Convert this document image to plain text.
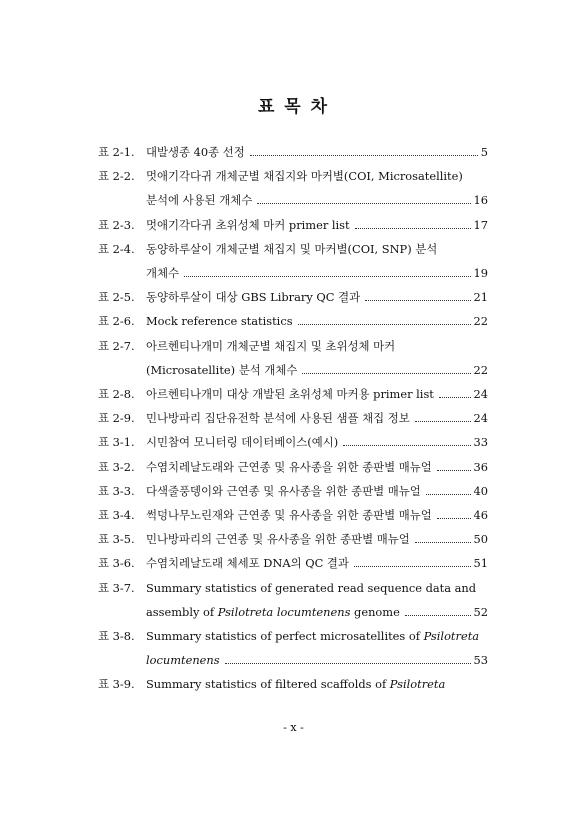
표 목 차
표 2-1.	대발생종 40종 선정	5
표 2-2.	멋애기각다귀 개체군별 채집지와 마커별(COI, Microsatellite)
분석에 사용된 개체수	16
표 2-3.	멋애기각다귀 초위성체 마커 primer list	17
표 2-4.	동양하루살이 개체군별 채집지 및 마커별(COI, SNP) 분석
개체수	19
표 2-5.	동양하루살이 대상 GBS Library QC 결과	21
표 2-6.	Mock reference statistics	22
표 2-7.	아르헨티나개미 개체군별 채집지 및 초위성체 마커
(Microsatellite) 분석 개체수	22
표 2-8.	아르헨티나개미 대상 개발된 초위성체 마커용 primer list	24
표 2-9.	민나방파리 집단유전학 분석에 사용된 샘플 채집 정보	24
표 3-1.	시민참여 모니터링 데이터베이스(예시)	33
표 3-2.	수염치레날도래와 근연종 및 유사종을 위한 종판별 매뉴얼	36
표 3-3.	다색줄풍뎅이와 근연종 및 유사종을 위한 종판별 매뉴얼	40
표 3-4.	썩덩나무노린재와 근연종 및 유사종을 위한 종판별 매뉴얼	46
표 3-5.	민나방파리의 근연종 및 유사종을 위한 종판별 매뉴얼	50
표 3-6.	수염치레날도래 체세포 DNA의 QC 결과	51
표 3-7.	Summary statistics of generated read sequence data and
assembly of Psilotreta locumtenens genome	52
표 3-8.	Summary statistics of perfect microsatellites of Psilotreta
locumtenens	53
표 3-9.	Summary statistics of filtered scaffolds of Psilotreta
- x -
